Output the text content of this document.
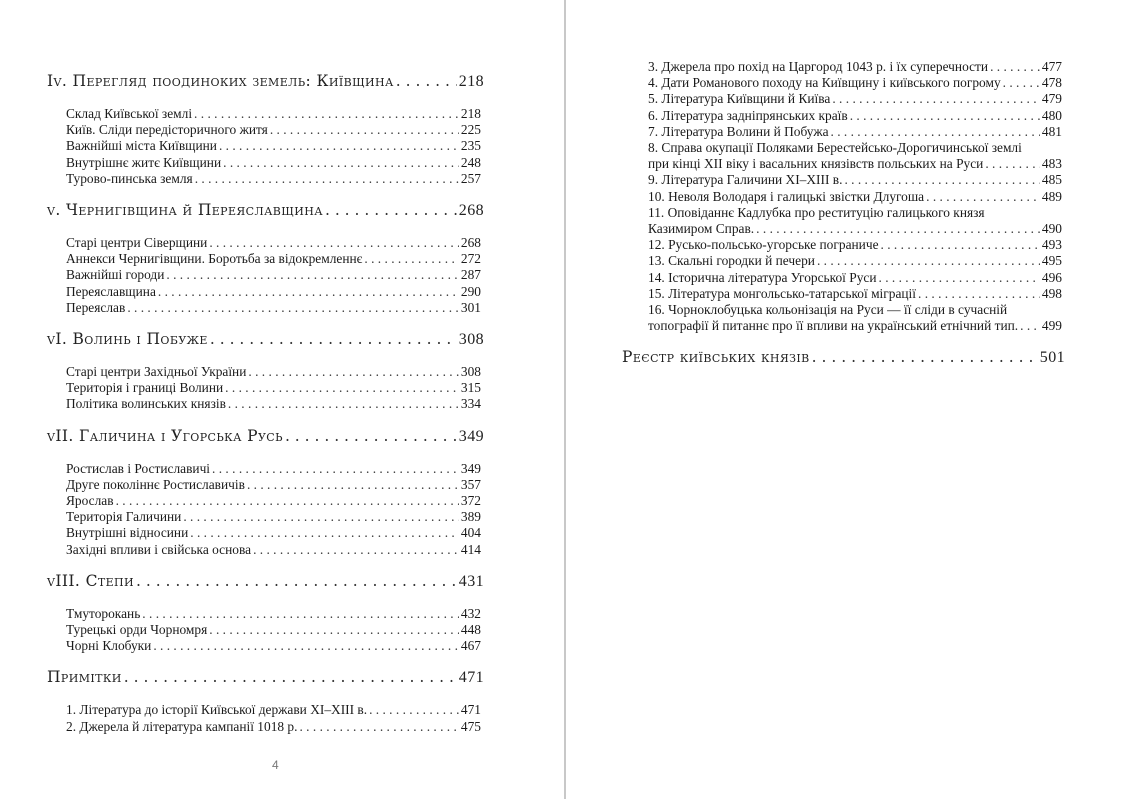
Іv. Перегляд поодиноких земель: Київщина . . .	218
Склад Київської землі . . .	218
Київ. Сліди передісторичного житя . . .	225
Важнійші міста Київщини . . .	235
Внутрішнє житє Київщини . . .	248
Турово-пинська земля . . .	257
v. Чернигівщина й Переяславщина . . .	268
Старі центри Сіверщини . . .	268
Аннекси Чернигівщини. Боротьба за відокремленнє . . .	272
Важнійші городи . . .	287
Переяславщина . . .	290
Переяслав . . .	301
vІ. Волинь і Побуже . . .	308
Старі центри Західньої України . . .	308
Територія і границі Волини . . .	315
Політика волинських князів . . .	334
vІІ. Галичина і Угорська Русь . . .	349
Ростислав і Ростиславичі . . .	349
Друге поколіннє Ростиславичів . . .	357
Ярослав . . .	372
Територія Галичини . . .	389
Внутрішні відносини . . .	404
Західні впливи і свійська основа . . .	414
vІІІ. Степи . . .	431
Тмуторокань . . .	432
Турецькі орди Чорномря . . .	448
Чорні Клобуки . . .	467
Примітки . . .	471
1. Література до історії Київської держави XI–XIII в. . . .	471
2. Джерела й література кампанії 1018 р. . . .	475
4
3. Джерела про похід на Царгород 1043 р. і їх суперечности . . .	477
4. Дати Романового походу на Київщину і київського погрому . . .	478
5. Література Київщини й Київа . . .	479
6. Література задніпрянських країв . . .	480
7. Література Волини й Побужа . . .	481
8. Справа окупації Поляками Берестейсько-Дорогичинської землі
при кінці XII віку і васальних князівств польських на Руси . . .	483
9. Література Галичини XI–XIII в. . . .	485
10. Неволя Володаря і галицькі звістки Длугоша . . .	489
11. Оповіданнє Кадлубка про реституцію галицького князя
Казимиром Справ. . . .	490
12. Русько-польсько-угорське пограниче . . .	493
13. Скальні городки й печери . . .	495
14. Історична література Угорської Руси . . .	496
15. Література монгольсько-татарської міграції . . .	498
16. Чорноклобуцька кольонізація на Руси — її сліди в сучасній
топографії й питаннє про її впливи на український етнічний тип. . . . 499
Реєстр київських князів . . .	501
